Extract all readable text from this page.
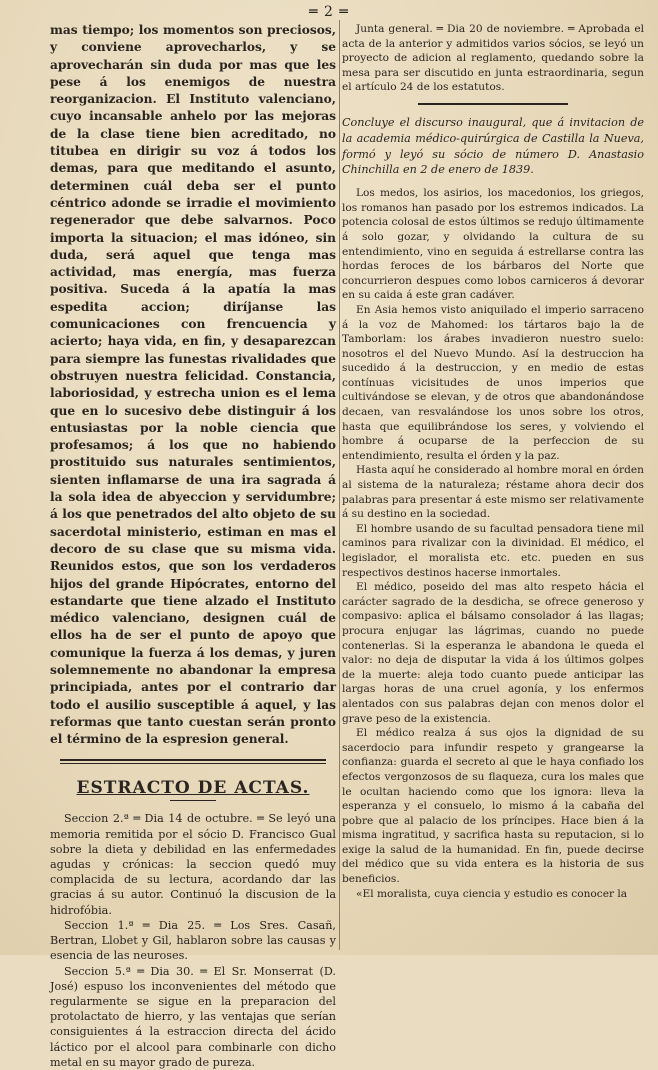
═ 2 ═

mas tiempo; los momentos son preciosos, y conviene aprovecharlos, y se aprovecharán sin duda por mas que les pese á los enemigos de nuestra reorganizacion. El Instituto valenciano, cuyo incansable anhelo por las mejoras de la clase tiene bien acreditado, no titubea en dirigir su voz á todos los demas, para que meditando el asunto, determinen cuál deba ser el punto céntrico adonde se irradie el movimiento regenerador que debe salvarnos. Poco importa la situacion; el mas idóneo, sin duda, será aquel que tenga mas actividad, mas energía, mas fuerza positiva. Suceda á la apatía la mas espedita accion; diríjanse las comunicaciones con frencuencia y acierto; haya vida, en fin, y desaparezcan para siempre las funestas rivalidades que obstruyen nuestra felicidad. Constancia, laboriosidad, y estrecha union es el lema que en lo sucesivo debe distinguir á los entusiastas por la noble ciencia que profesamos; á los que no habiendo prostituido sus naturales sentimientos, sienten inflamarse de una ira sagrada á la sola idea de abyeccion y servidumbre; á los que penetrados del alto objeto de su sacerdotal ministerio, estiman en mas el decoro de su clase que su misma vida. Reunidos estos, que son los verdaderos hijos del grande Hipócrates, entorno del estandarte que tiene alzado el Instituto médico valenciano, designen cuál de ellos ha de ser el punto de apoyo que comunique la fuerza á los demas, y juren solemnemente no abandonar la empresa principiada, antes por el contrario dar todo el ausilio susceptible á aquel, y las reformas que tanto cuestan serán pronto el término de la espresion general.

ESTRACTO DE ACTAS.

Seccion 2.ª ═ Dia 14 de octubre. ═ Se leyó una memoria remitida por el sócio D. Francisco Gual sobre la dieta y debilidad en las enfermedades agudas y crónicas: la seccion quedó muy complacida de su lectura, acordando dar las gracias á su autor. Continuó la discusion de la hidrofóbia.

Seccion 1.ª ═ Dia 25. ═ Los Sres. Casañ, Bertran, Llobet y Gil, hablaron sobre las causas y esencia de las neuroses.

Seccion 5.ª ═ Dia 30. ═ El Sr. Monserrat (D. José) espuso los inconvenientes del método que regularmente se sigue en la preparacion del protolactato de hierro, y las ventajas que serían consiguientes á la estraccion directa del ácido láctico por el alcool para combinarle con dicho metal en su mayor grado de pureza.

Junta general. ═ Dia 20 de noviembre. ═ Aprobada el acta de la anterior y admitidos varios sócios, se leyó un proyecto de adicion al reglamento, quedando sobre la mesa para ser discutido en junta estraordinaria, segun el artículo 24 de los estatutos.

Concluye el discurso inaugural, que á invitacion de la academia médico-quirúrgica de Castilla la Nueva, formó y leyó su sócio de número D. Anastasio Chinchilla en 2 de enero de 1839.

Los medos, los asirios, los macedonios, los griegos, los romanos han pasado por los estremos indicados. La potencia colosal de estos últimos se redujo últimamente á solo gozar, y olvidando la cultura de su entendimiento, vino en seguida á estrellarse contra las hordas feroces de los bárbaros del Norte que concurrieron despues como lobos carniceros á devorar en su caida á este gran cadáver.

En Asia hemos visto aniquilado el imperio sarraceno á la voz de Mahomed: los tártaros bajo la de Tamborlam: los árabes invadieron nuestro suelo: nosotros el del Nuevo Mundo. Así la destruccion ha sucedido á la destruccion, y en medio de estas contínuas vicisitudes de unos imperios que cultivándose se elevan, y de otros que abandonándose decaen, van resvalándose los unos sobre los otros, hasta que equilibrándose los seres, y volviendo el hombre á ocuparse de la perfeccion de su entendimiento, resulta el órden y la paz.

Hasta aquí he considerado al hombre moral en órden al sistema de la naturaleza; réstame ahora decir dos palabras para presentar á este mismo ser relativamente á su destino en la sociedad.

El hombre usando de su facultad pensadora tiene mil caminos para rivalizar con la divinidad. El médico, el legislador, el moralista etc. etc. pueden en sus respectivos destinos hacerse inmortales.

El médico, poseido del mas alto respeto hácia el carácter sagrado de la desdicha, se ofrece generoso y compasivo: aplica el bálsamo consolador á las llagas; procura enjugar las lágrimas, cuando no puede contenerlas. Si la esperanza le abandona le queda el valor: no deja de disputar la vida á los últimos golpes de la muerte: aleja todo cuanto puede anticipar las largas horas de una cruel agonía, y los enfermos alentados con sus palabras dejan con menos dolor el grave peso de la existencia.

El médico realza á sus ojos la dignidad de su sacerdocio para infundir respeto y grangearse la confianza: guarda el secreto al que le haya confiado los efectos vergonzosos de su flaqueza, cura los males que le ocultan haciendo como que los ignora: lleva la esperanza y el consuelo, lo mismo á la cabaña del pobre que al palacio de los príncipes. Hace bien á la misma ingratitud, y sacrifica hasta su reputacion, si lo exige la salud de la humanidad. En fin, puede decirse del médico que su vida entera es la historia de sus beneficios.

«El moralista, cuya ciencia y estudio es conocer la
